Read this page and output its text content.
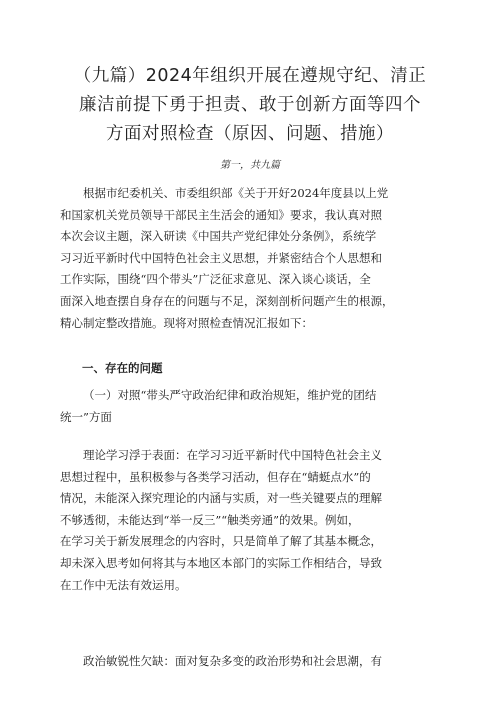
（九篇）2024年组织开展在遵规守纪、清正
廉洁前提下勇于担责、敢于创新方面等四个
方面对照检查（原因、问题、措施）
第一，共九篇
根据市纪委机关、市委组织部《关于开好2024年度县以上党
和国家机关党员领导干部民主生活会的通知》要求，我认真对照
本次会议主题，深入研读《中国共产党纪律处分条例》，系统学
习习近平新时代中国特色社会主义思想，并紧密结合个人思想和
工作实际，围绕“四个带头”广泛征求意见、深入谈心谈话，全
面深入地查摆自身存在的问题与不足，深刻剖析问题产生的根源，
精心制定整改措施。现将对照检查情况汇报如下：
一、存在的问题
（一）对照“带头严守政治纪律和政治规矩，维护党的团结
统一”方面
理论学习浮于表面：在学习习近平新时代中国特色社会主义
思想过程中，虽积极参与各类学习活动，但存在“蜻蜓点水”的
情况，未能深入探究理论的内涵与实质，对一些关键要点的理解
不够透彻，未能达到“举一反三”“触类旁通”的效果。例如，
在学习关于新发展理念的内容时，只是简单了解了其基本概念，
却未深入思考如何将其与本地区本部门的实际工作相结合，导致
在工作中无法有效运用。
政治敏锐性欠缺：面对复杂多变的政治形势和社会思潮，有
